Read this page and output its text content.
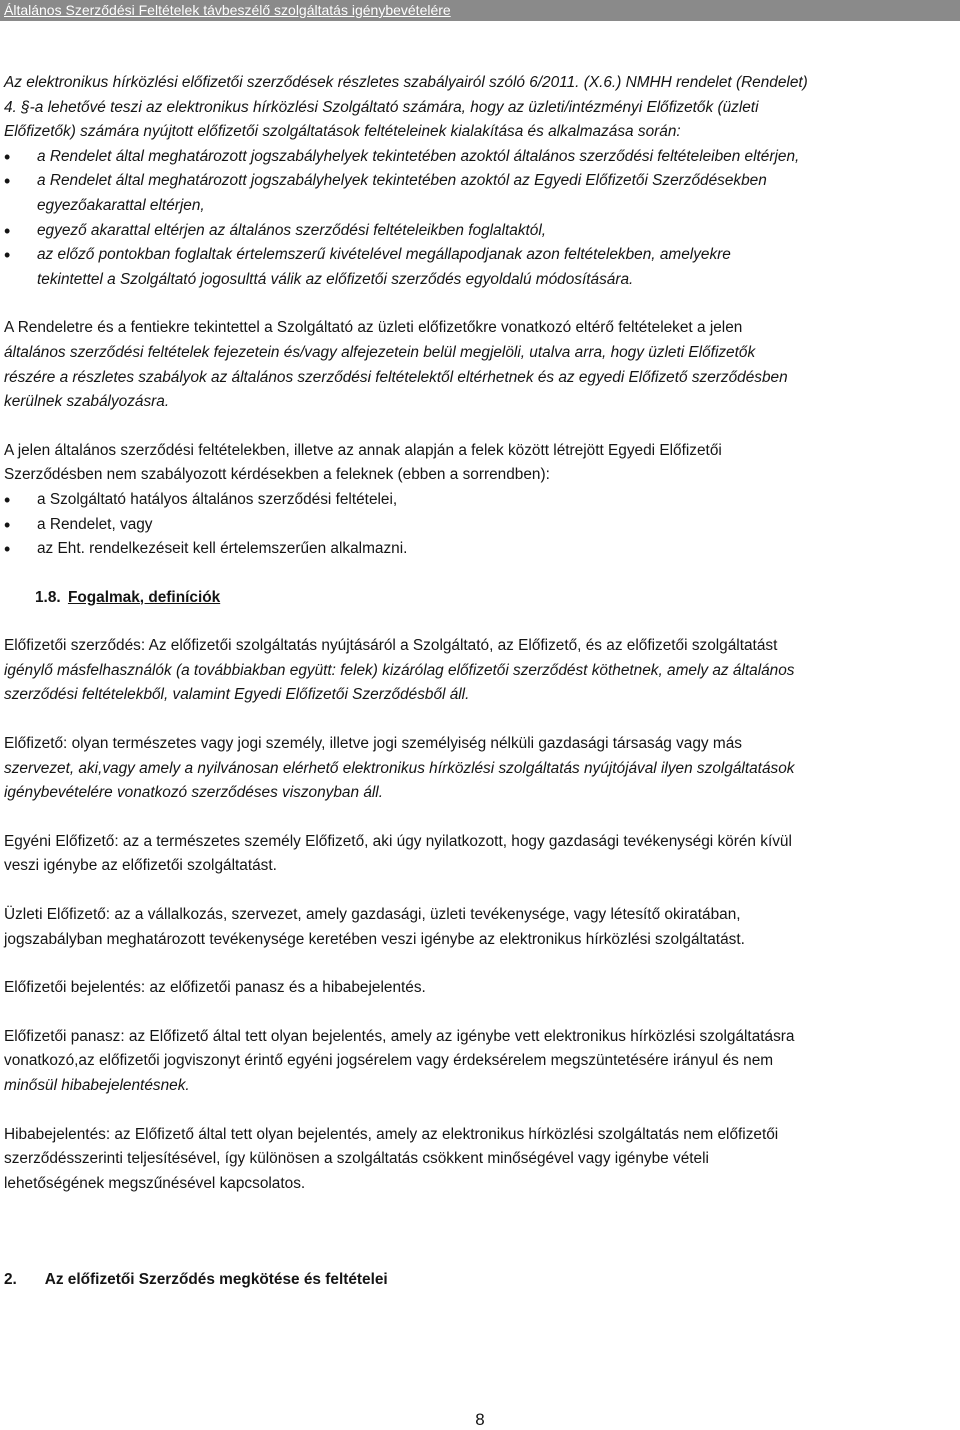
Általános Szerződési Feltételek távbeszélő szolgáltatás igénybevételére
Az elektronikus hírközlési előfizetői szerződések részletes szabályairól szóló 6/2011. (X.6.) NMHH rendelet (Rendelet)
4. §-a lehetővé teszi az elektronikus hírközlési Szolgáltató számára, hogy az üzleti/intézményi Előfizetők (üzleti
Előfizetők) számára nyújtott előfizetői szolgáltatások feltételeinek kialakítása és alkalmazása során:
• a Rendelet által meghatározott jogszabályhelyek tekintetében azoktól általános szerződési feltételeiben eltérjen,
• a Rendelet által meghatározott jogszabályhelyek tekintetében azoktól az Egyedi Előfizetői Szerződésekben
egyezőakarattal eltérjen,
• egyező akarattal eltérjen az általános szerződési feltételeikben foglaltaktól,
• az előző pontokban foglaltak értelemszerű kivételével megállapodjanak azon feltételekben, amelyekre
tekintettel a Szolgáltató jogosulttá válik az előfizetői szerződés egyoldalú módosítására.
A Rendeletre és a fentiekre tekintettel a Szolgáltató az üzleti előfizetőkre vonatkozó eltérő feltételeket a jelen
általános szerződési feltételek fejezetein és/vagy alfejezetein belül megjelöli, utalva arra, hogy üzleti Előfizetők
részére a részletes szabályok az általános szerződési feltételektől eltérhetnek és az egyedi Előfizető szerződésben
kerülnek szabályozásra.
A jelen általános szerződési feltételekben, illetve az annak alapján a felek között létrejött Egyedi Előfizetői
Szerződésben nem szabályozott kérdésekben a feleknek (ebben a sorrendben):
• a Szolgáltató hatályos általános szerződési feltételei,
• a Rendelet, vagy
• az Eht. rendelkezéseit kell értelemszerűen alkalmazni.
1.8. Fogalmak, definíciók
Előfizetői szerződés: Az előfizetői szolgáltatás nyújtásáról a Szolgáltató, az Előfizető, és az előfizetői szolgáltatást
igénylő másfelhasználók (a továbbiakban együtt: felek) kizárólag előfizetői szerződést köthetnek, amely az általános
szerződési feltételekből, valamint Egyedi Előfizetői Szerződésből áll.
Előfizető: olyan természetes vagy jogi személy, illetve jogi személyiség nélküli gazdasági társaság vagy más
szervezet, aki,vagy amely a nyilvánosan elérhető elektronikus hírközlési szolgáltatás nyújtójával ilyen szolgáltatások
igénybevételére vonatkozó szerződéses viszonyban áll.
Egyéni Előfizető: az a természetes személy Előfizető, aki úgy nyilatkozott, hogy gazdasági tevékenységi körén kívül
veszi igénybe az előfizetői szolgáltatást.
Üzleti Előfizető: az a vállalkozás, szervezet, amely gazdasági, üzleti tevékenysége, vagy létesítő okiratában,
jogszabályban meghatározott tevékenysége keretében veszi igénybe az elektronikus hírközlési szolgáltatást.
Előfizetői bejelentés: az előfizetői panasz és a hibabejelentés.
Előfizetői panasz: az Előfizető által tett olyan bejelentés, amely az igénybe vett elektronikus hírközlési szolgáltatásra
vonatkozó,az előfizetői jogviszonyt érintő egyéni jogsérelem vagy érdeksérelem megszüntetésére irányul és nem
minősül hibabejelentésnek.
Hibabejelentés: az Előfizető által tett olyan bejelentés, amely az elektronikus hírközlési szolgáltatás nem előfizetői
szerződésszerinti teljesítésével, így különösen a szolgáltatás csökkent minőségével vagy igénybe vételi
lehetőségének megszűnésével kapcsolatos.
2. Az előfizetői Szerződés megkötése és feltételei
8
